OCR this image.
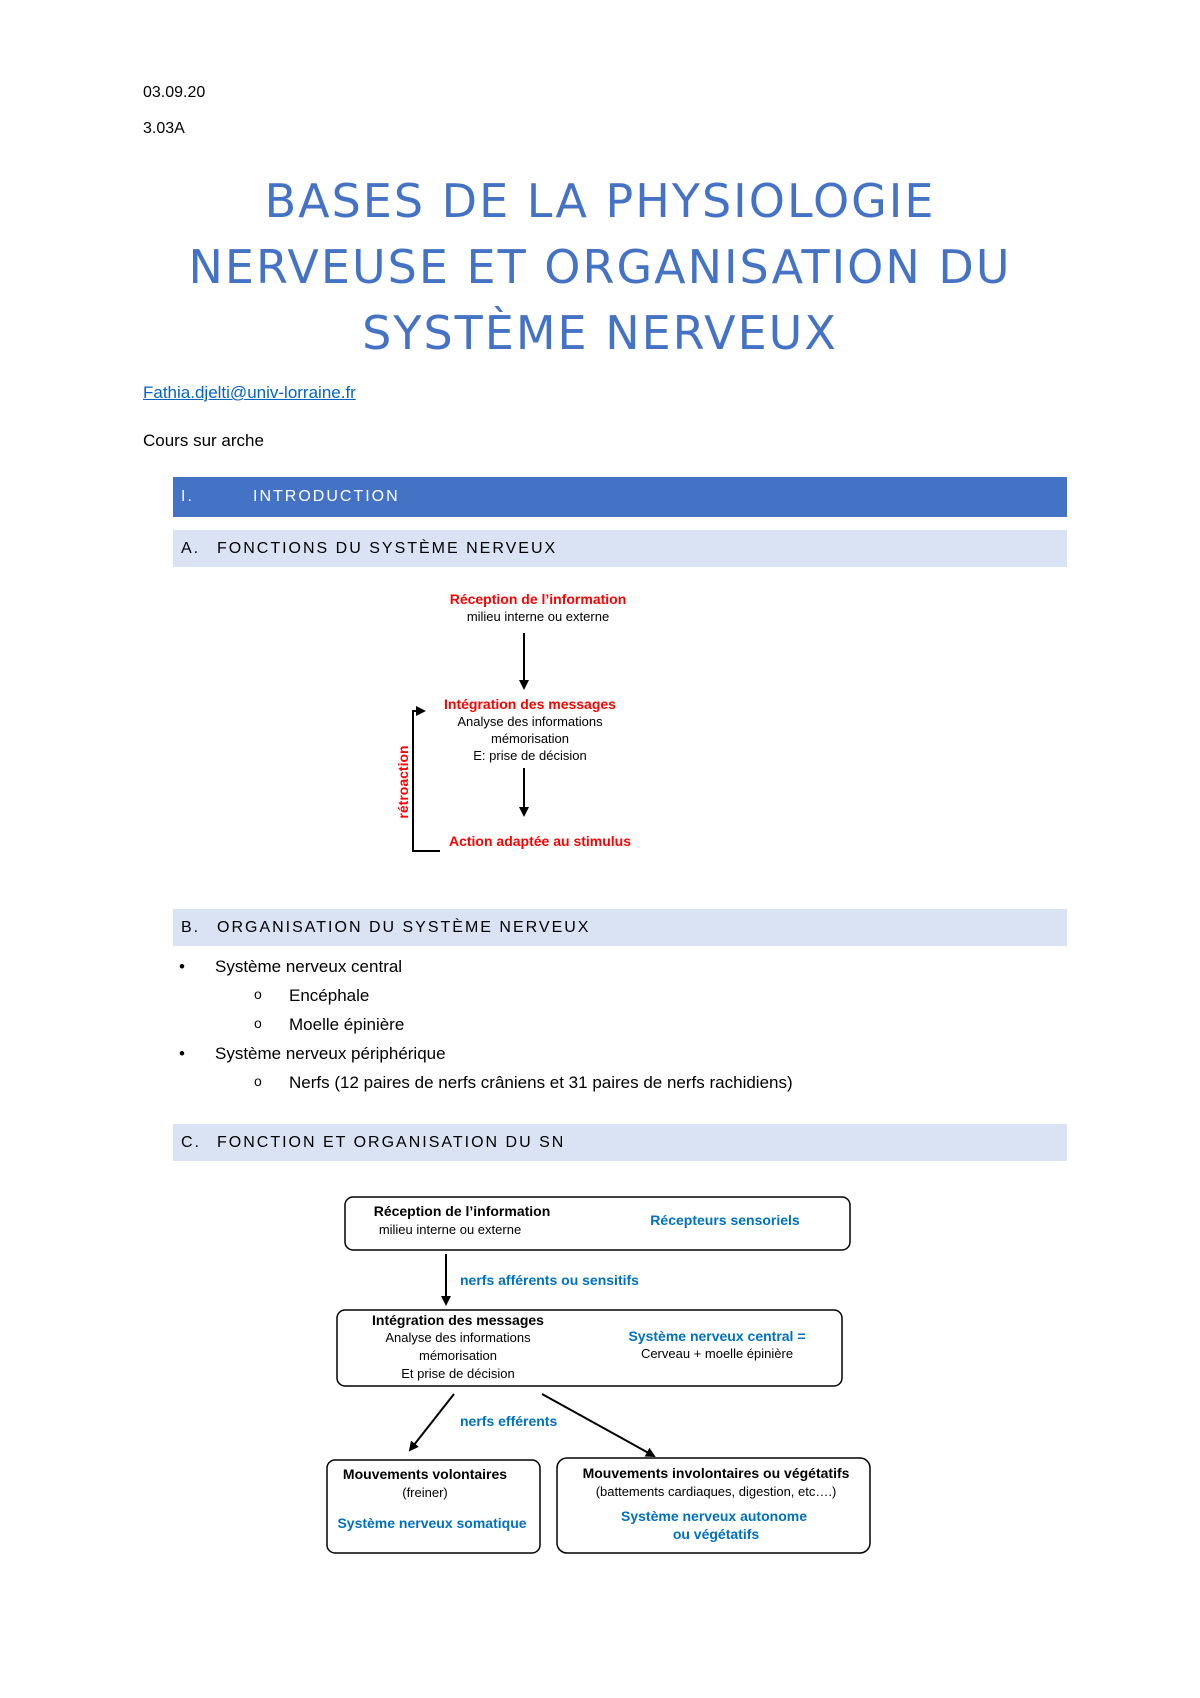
03.09.20
3.03A
BASES DE LA PHYSIOLOGIE
NERVEUSE ET ORGANISATION DU
SYSTÈME NERVEUX
Fathia.djelti@univ-lorraine.fr
Cours sur arche
I.	INTRODUCTION
A. FONCTIONS DU SYSTÈME NERVEUX
Réception de l’information
milieu interne ou externe
Intégration des messages
Analyse des informations
mémorisation
E: prise de décision
Action adaptée au stimulus
rétroaction
B. ORGANISATION DU SYSTÈME NERVEUX
• Système nerveux central
o Encéphale
o Moelle épinière
• Système nerveux périphérique
o Nerfs (12 paires de nerfs crâniens et 31 paires de nerfs rachidiens)
C. FONCTION ET ORGANISATION DU SN
Réception de l’information
milieu interne ou externe
Récepteurs sensoriels
nerfs afférents ou sensitifs
Intégration des messages
Analyse des informations
mémorisation
Et prise de décision
Système nerveux central =
Cerveau + moelle épinière
nerfs efférents
Mouvements volontaires
(freiner)
Système nerveux somatique
Mouvements involontaires ou végétatifs
(battements cardiaques, digestion, etc….)
Système nerveux autonome
ou végétatifs
